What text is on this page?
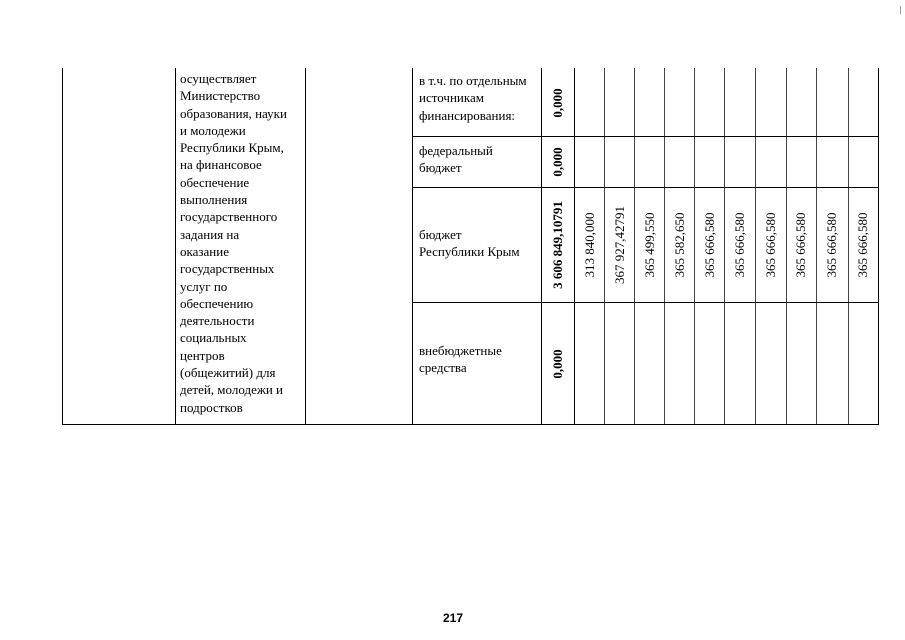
осуществляет
Министерство
образования, науки
и молодежи
Республики Крым,
на финансовое
обеспечение
выполнения
государственного
задания на
оказание
государственных
услуг по
обеспечению
деятельности
социальных
центров
(общежитий) для
детей, молодежи и
подростков

в т.ч. по отдельным
источникам
финансирования:

федеральный
бюджет

бюджет
Республики Крым

внебюджетные
средства

0,000
0,000
3 606 849,10791
0,000
313 840,000 367 927,42791 365 499,550 365 582,650 365 666,580 365 666,580 365 666,580 365 666,580 365 666,580 365 666,580
217
